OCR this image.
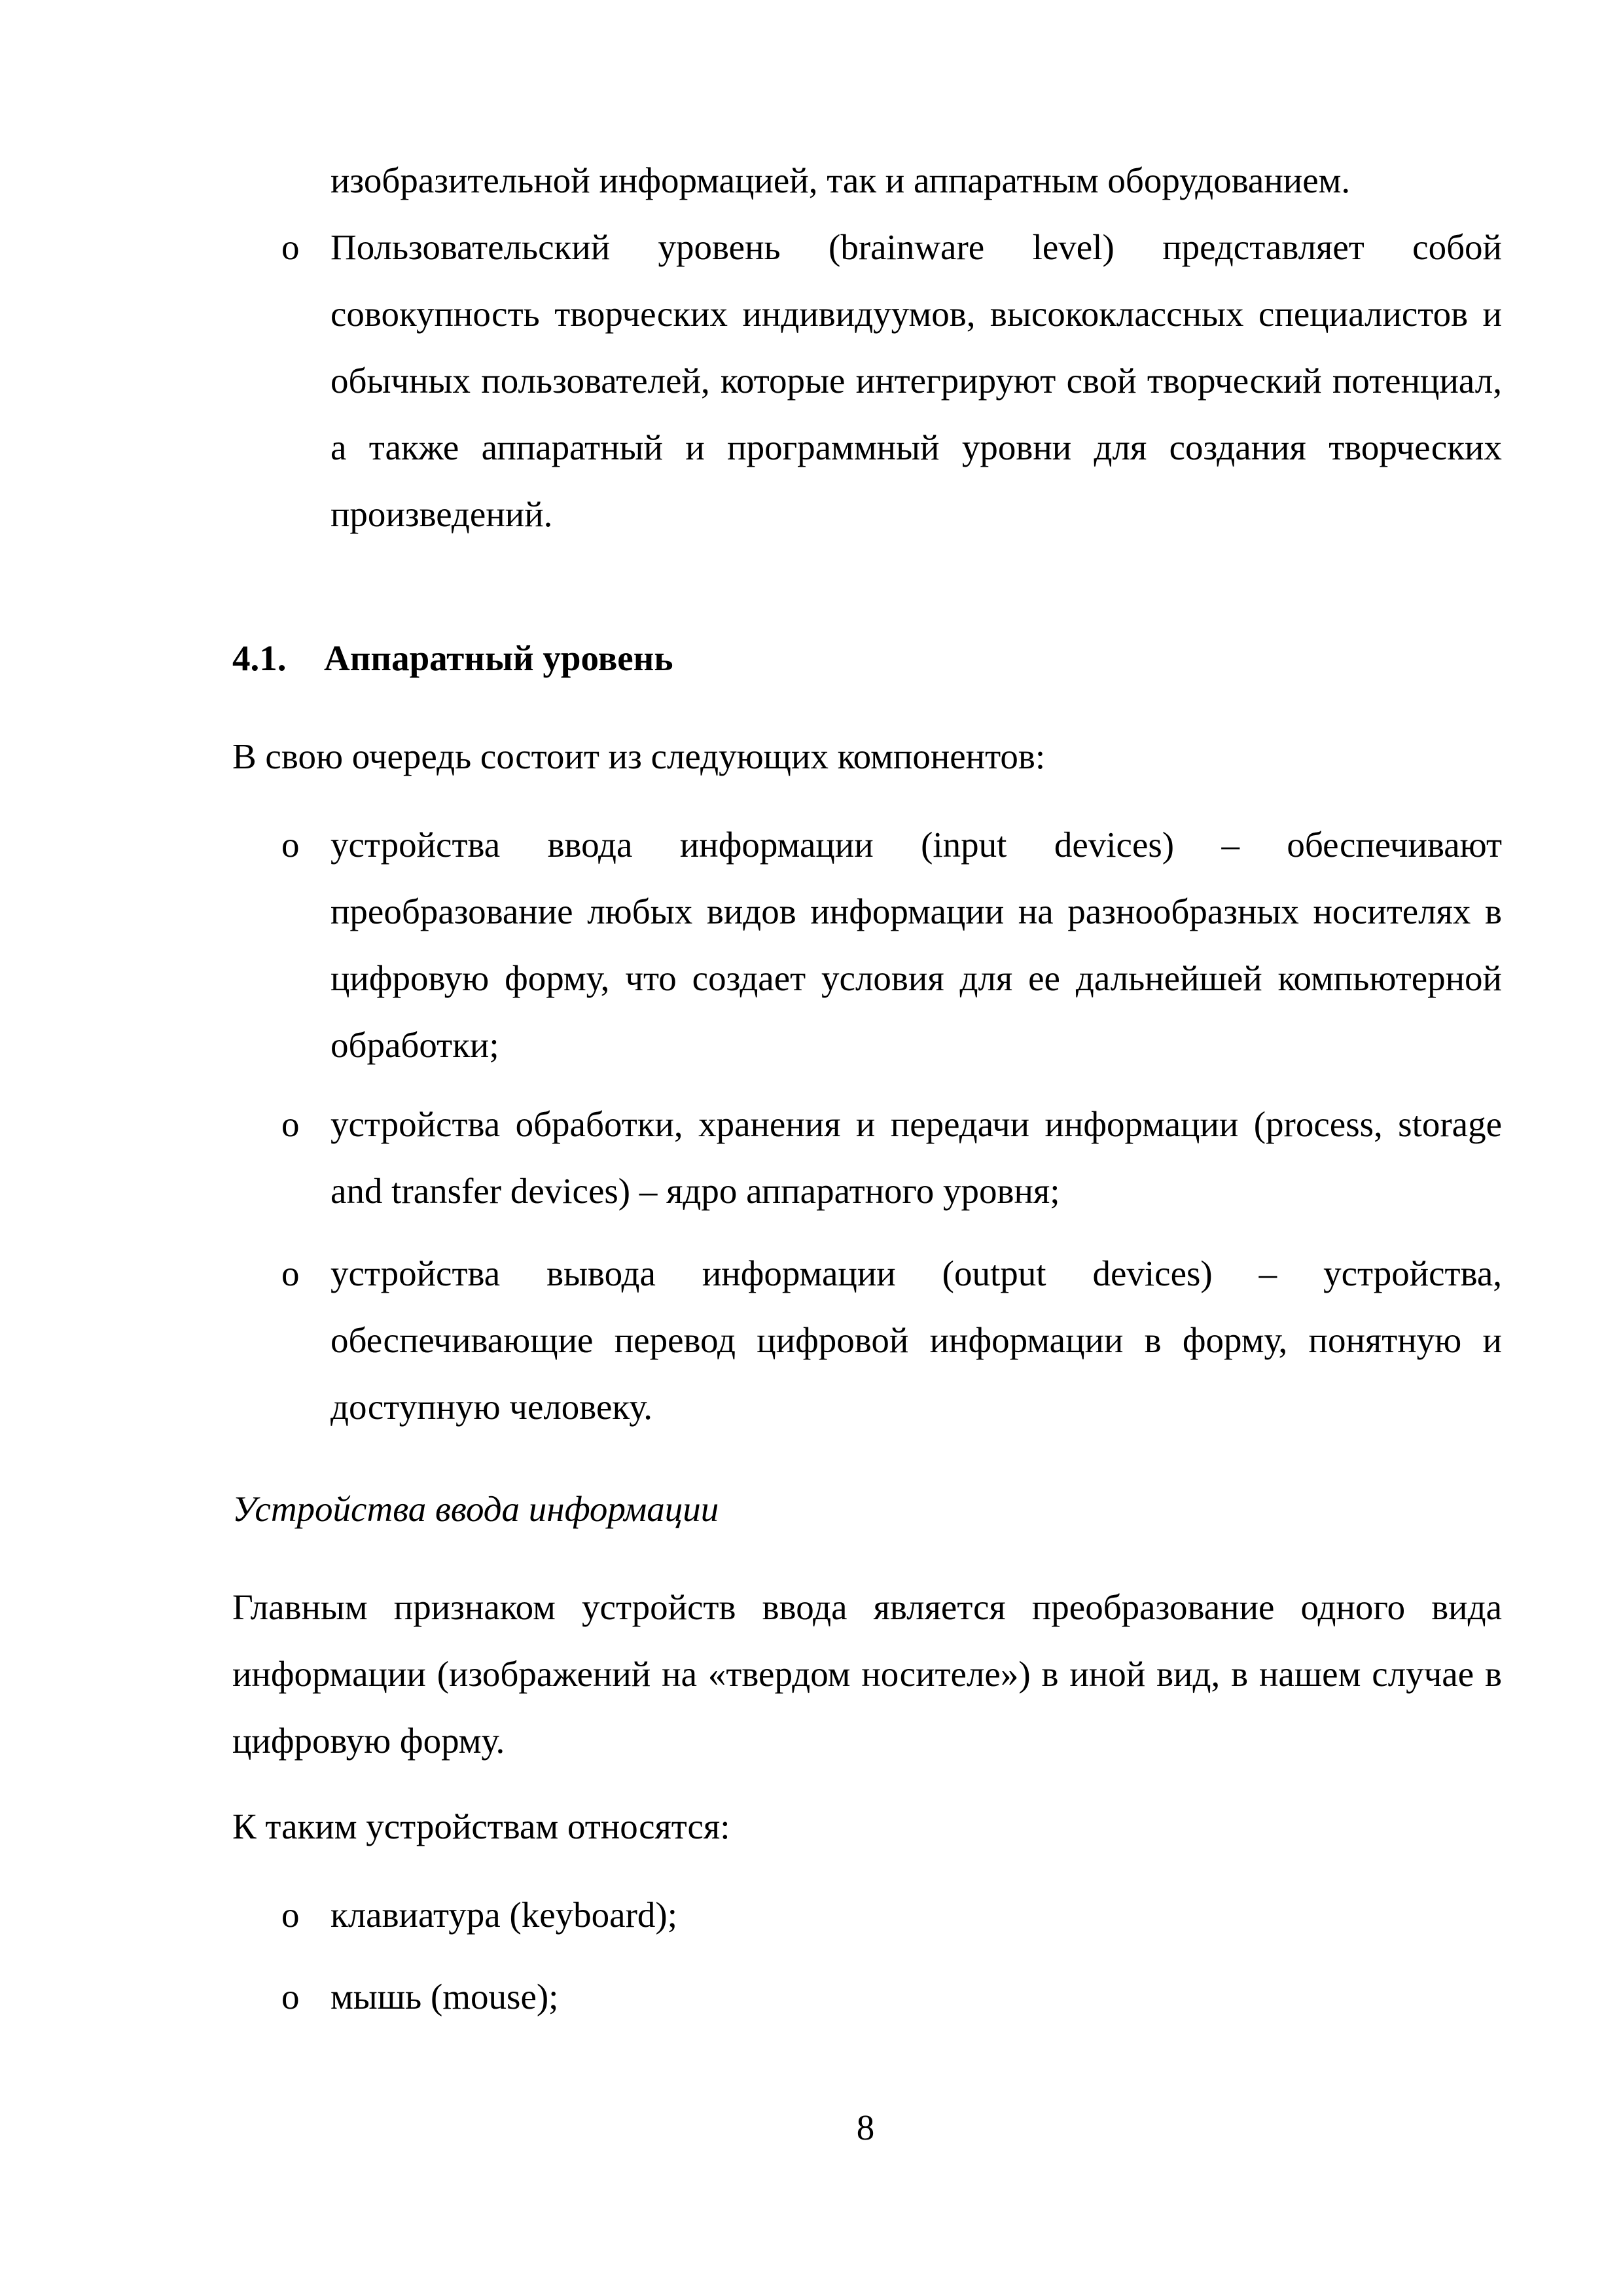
изобразительной информацией, так и аппаратным оборудованием.
o Пользовательский уровень (brainware level) представляет собой совокупность творческих индивидуумов, высококлассных специалистов и обычных пользователей, которые интегрируют свой творческий потенциал, а также аппаратный и программный уровни для создания творческих произведений.
4.1. Аппаратный уровень
В свою очередь состоит из следующих компонентов:
o устройства ввода информации (input devices) – обеспечивают преобразование любых видов информации на разнообразных носителях в цифровую форму, что создает условия для ее дальнейшей компьютерной обработки;
o устройства обработки, хранения и передачи информации (process, storage and transfer devices) – ядро аппаратного уровня;
o устройства вывода информации (output devices) – устройства, обеспечивающие перевод цифровой информации в форму, понятную и доступную человеку.
Устройства ввода информации
Главным признаком устройств ввода является преобразование одного вида информации (изображений на «твердом носителе») в иной вид, в нашем случае в цифровую форму.
К таким устройствам относятся:
o клавиатура (keyboard);
o мышь (mouse);
8
